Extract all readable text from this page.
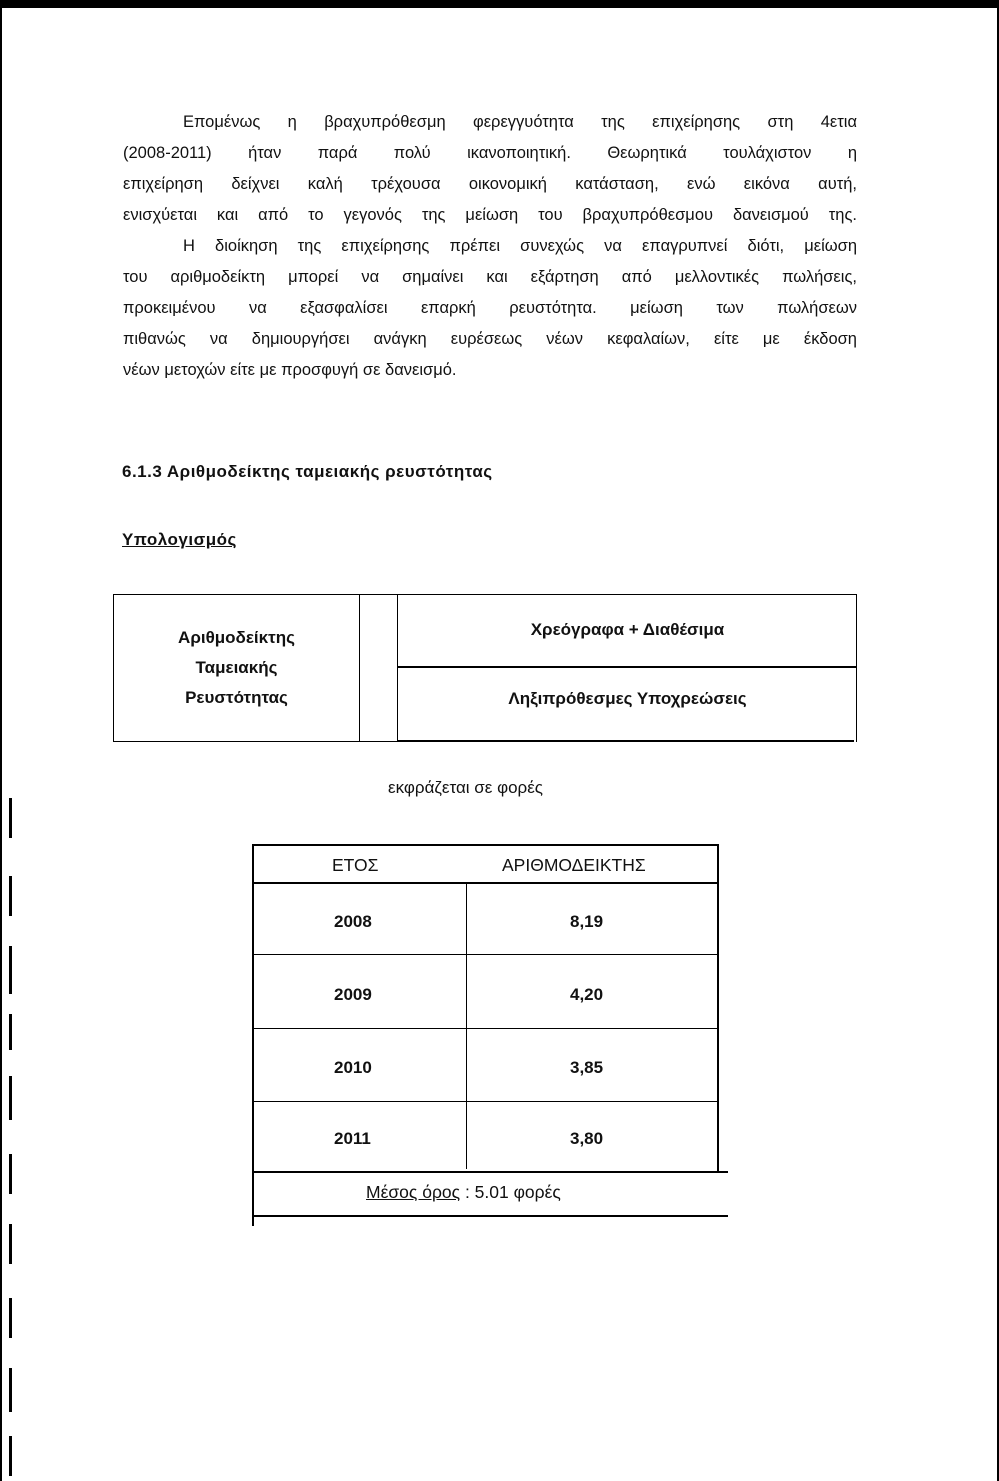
Επομένως η βραχυπρόθεσμη φερεγγυότητα της επιχείρησης στη 4ετια
(2008-2011) ήταν παρά πολύ ικανοποιητική. Θεωρητικά τουλάχιστον η
επιχείρηση δείχνει καλή τρέχουσα οικονομική κατάσταση, ενώ εικόνα αυτή,
ενισχύεται και από το γεγονός της μείωση του βραχυπρόθεσμου δανεισμού της.
Η διοίκηση της επιχείρησης πρέπει συνεχώς να επαγρυπνεί διότι, μείωση
του αριθμοδείκτη μπορεί να σημαίνει και εξάρτηση από μελλοντικές πωλήσεις,
προκειμένου να εξασφαλίσει επαρκή ρευστότητα. μείωση των πωλήσεων
πιθανώς να δημιουργήσει ανάγκη ευρέσεως νέων κεφαλαίων, είτε με έκδοση
νέων μετοχών είτε με προσφυγή σε δανεισμό.

6.1.3 Αριθμοδείκτης ταμειακής ρευστότητας

Υπολογισμός

Αριθμοδείκτης
Ταμειακής
Ρευστότητας
Χρεόγραφα + Διαθέσιμα
Ληξιπρόθεσμες Υποχρεώσεις

εκφράζεται σε φορές

ΕΤΟΣ	ΑΡΙΘΜΟΔΕΙΚΤΗΣ
2008	8,19
2009	4,20
2010	3,85
2011	3,80
Μέσος όρος : 5.01 φορές
